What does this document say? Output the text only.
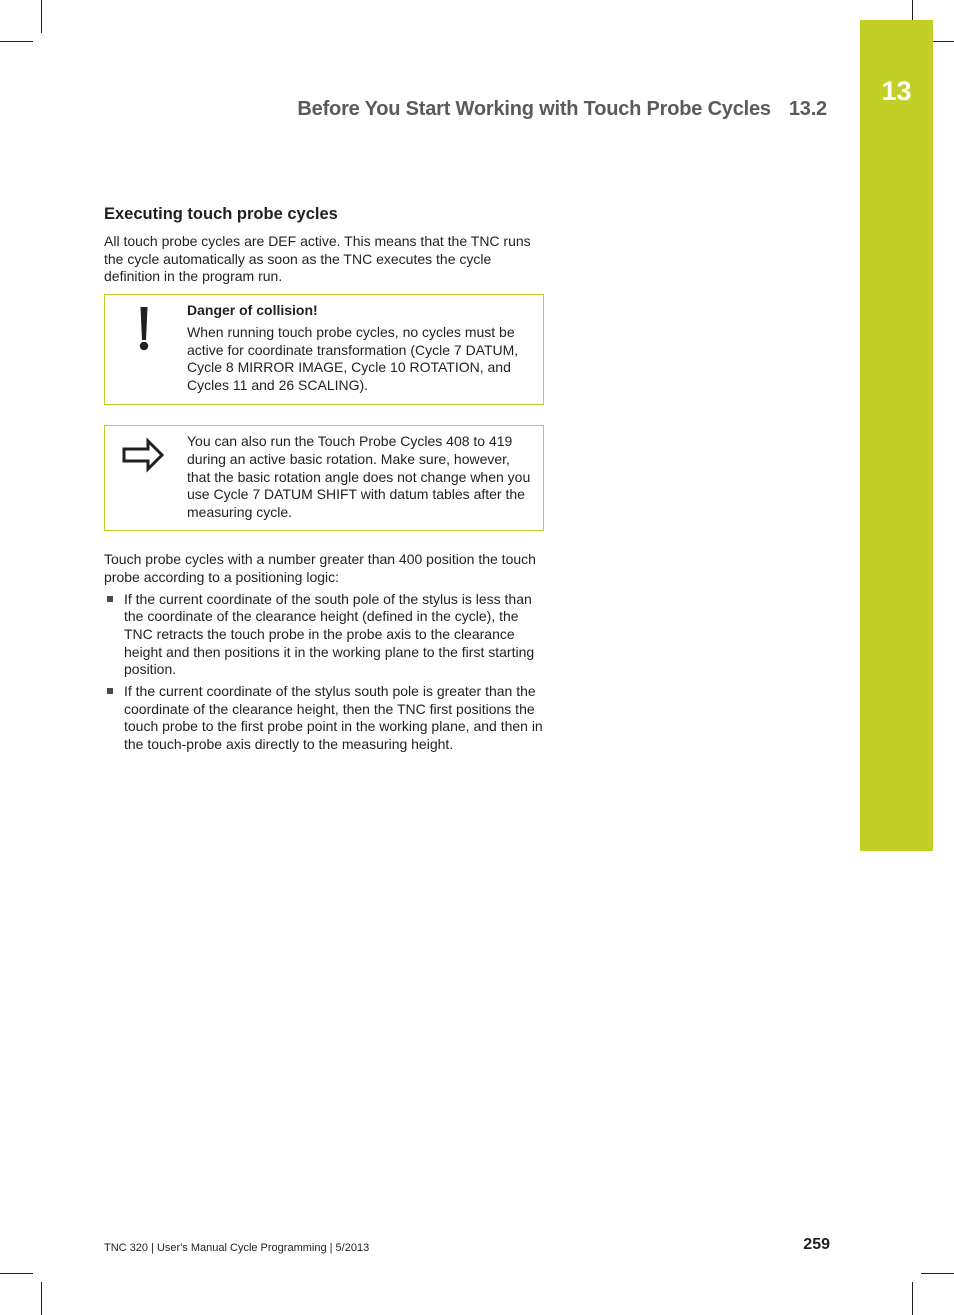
13
Before You Start Working with Touch Probe Cycles 13.2
Executing touch probe cycles

All touch probe cycles are DEF active. This means that the TNC runs the cycle automatically as soon as the TNC executes the cycle definition in the program run.

Danger of collision!
When running touch probe cycles, no cycles must be active for coordinate transformation (Cycle 7 DATUM, Cycle 8 MIRROR IMAGE, Cycle 10 ROTATION, and Cycles 11 and 26 SCALING).
You can also run the Touch Probe Cycles 408 to 419 during an active basic rotation. Make sure, however, that the basic rotation angle does not change when you use Cycle 7 DATUM SHIFT with datum tables after the measuring cycle.

Touch probe cycles with a number greater than 400 position the touch probe according to a positioning logic:

If the current coordinate of the south pole of the stylus is less than the coordinate of the clearance height (defined in the cycle), the TNC retracts the touch probe in the probe axis to the clearance height and then positions it in the working plane to the first starting position.
If the current coordinate of the stylus south pole is greater than the coordinate of the clearance height, then the TNC first positions the touch probe to the first probe point in the working plane, and then in the touch-probe axis directly to the measuring height.
TNC 320 | User's Manual Cycle Programming | 5/2013	259
